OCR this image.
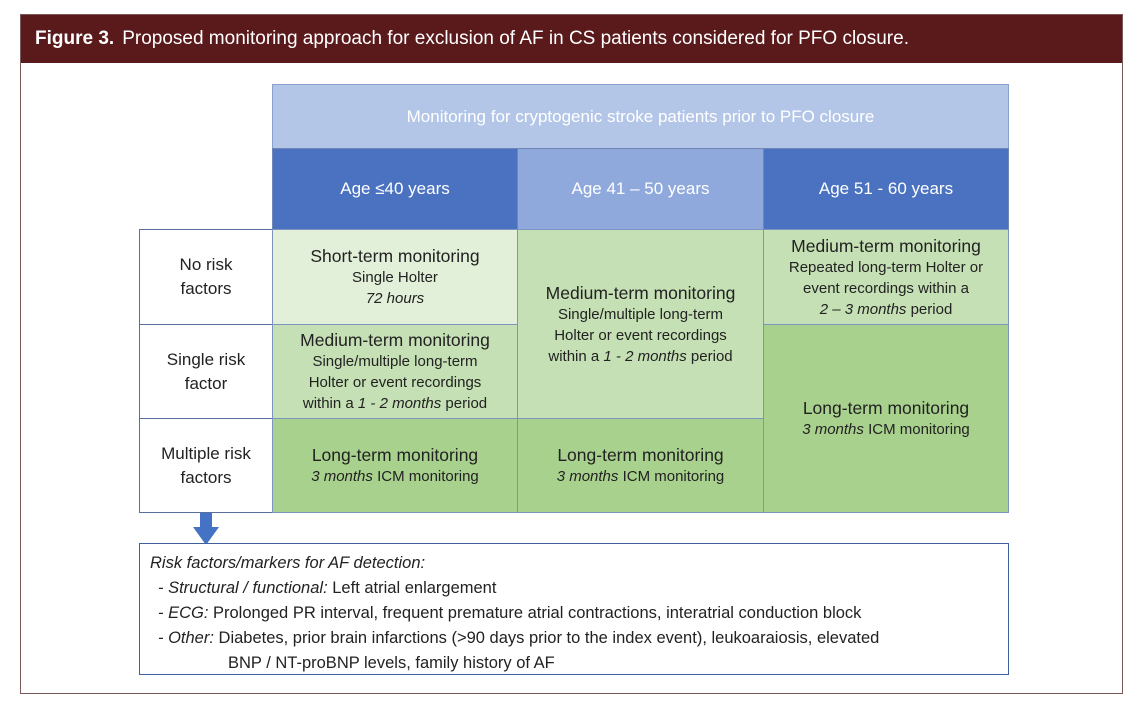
Figure 3. Proposed monitoring approach for exclusion of AF in CS patients considered for PFO closure.
Monitoring for cryptogenic stroke patients prior to PFO closure
Age ≤40 years	Age 41 – 50 years	Age 51 - 60 years
No risk
factors
Single risk
factor
Multiple risk
factors
Short-term monitoring
Single Holter
72 hours
Medium-term monitoring
Single/multiple long-term
Holter or event recordings
within a 1 - 2 months period
Long-term monitoring
3 months ICM monitoring
Medium-term monitoring
Single/multiple long-term
Holter or event recordings
within a 1 - 2 months period
Long-term monitoring
3 months ICM monitoring
Medium-term monitoring
Repeated long-term Holter or
event recordings within a
2 – 3 months period
Long-term monitoring
3 months ICM monitoring
Risk factors/markers for AF detection:
- Structural / functional: Left atrial enlargement
- ECG: Prolonged PR interval, frequent premature atrial contractions, interatrial conduction block
- Other: Diabetes, prior brain infarctions (>90 days prior to the index event), leukoaraiosis, elevated
BNP / NT-proBNP levels, family history of AF
